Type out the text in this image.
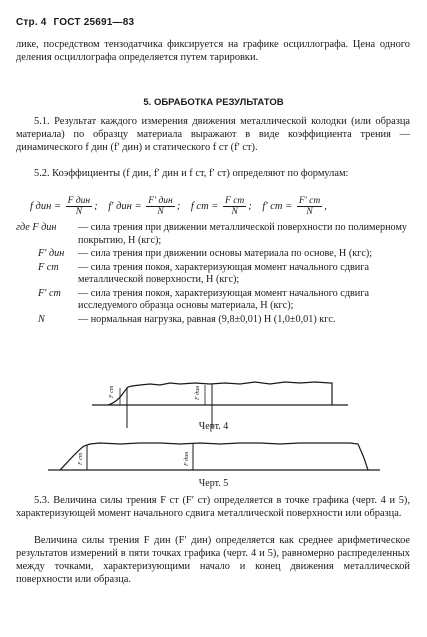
Стр. 4 ГОСТ 25691—83
лике, посредством тензодатчика фиксируется на графике осциллографа. Цена одного деления осциллографа определяется путем тарировки.
5. ОБРАБОТКА РЕЗУЛЬТАТОВ
5.1. Результат каждого измерения движения металлической колодки (или образца материала) по образцу материала выражают в виде коэффициента трения — динамического f дин (f′ дин) и статического f ст (f′ ст).
5.2. Коэффициенты (f дин, f′ дин и f ст, f′ ст) определяют по формулам:
f дин = $\frac{\text{F дин}}{N}$ ; f′ дин = $\frac{\text{F′ дин}}{N}$ ; f ст = $\frac{\text{F ст}}{N}$ ; f′ ст = $\frac{F' ст}{N}$ ,
где F дин — сила трения при движении металлической поверхности по полимерному покрытию, Н (кгс);
F′ дин — сила трения при движении основы материала по основе, Н (кгс);
F ст — сила трения покоя, характеризующая момент начального сдвига металлической поверхности, Н (кгс);
F′ ст — сила трения покоя, характеризующая момент начального сдвига исследуемого образца основы материала, Н (кгс);
N	— нормальная нагрузка, равная (9,8±0,01) Н (1,0±0,01) кгс.
F ст	F дин
F ст	F дин
Черт. 4
Черт. 5
5.3. Величина силы трения F ст (F′ ст) определяется в точке графика (черт. 4 и 5), характеризующей момент начального сдвига металлической поверхности или образца.
Величина силы трения F дин (F′ дин) определяется как среднее арифметическое результатов измерений в пяти точках графика (черт. 4 и 5), равномерно распределенных между точками, характеризующими начало и конец движения металлической поверхности или образца.
